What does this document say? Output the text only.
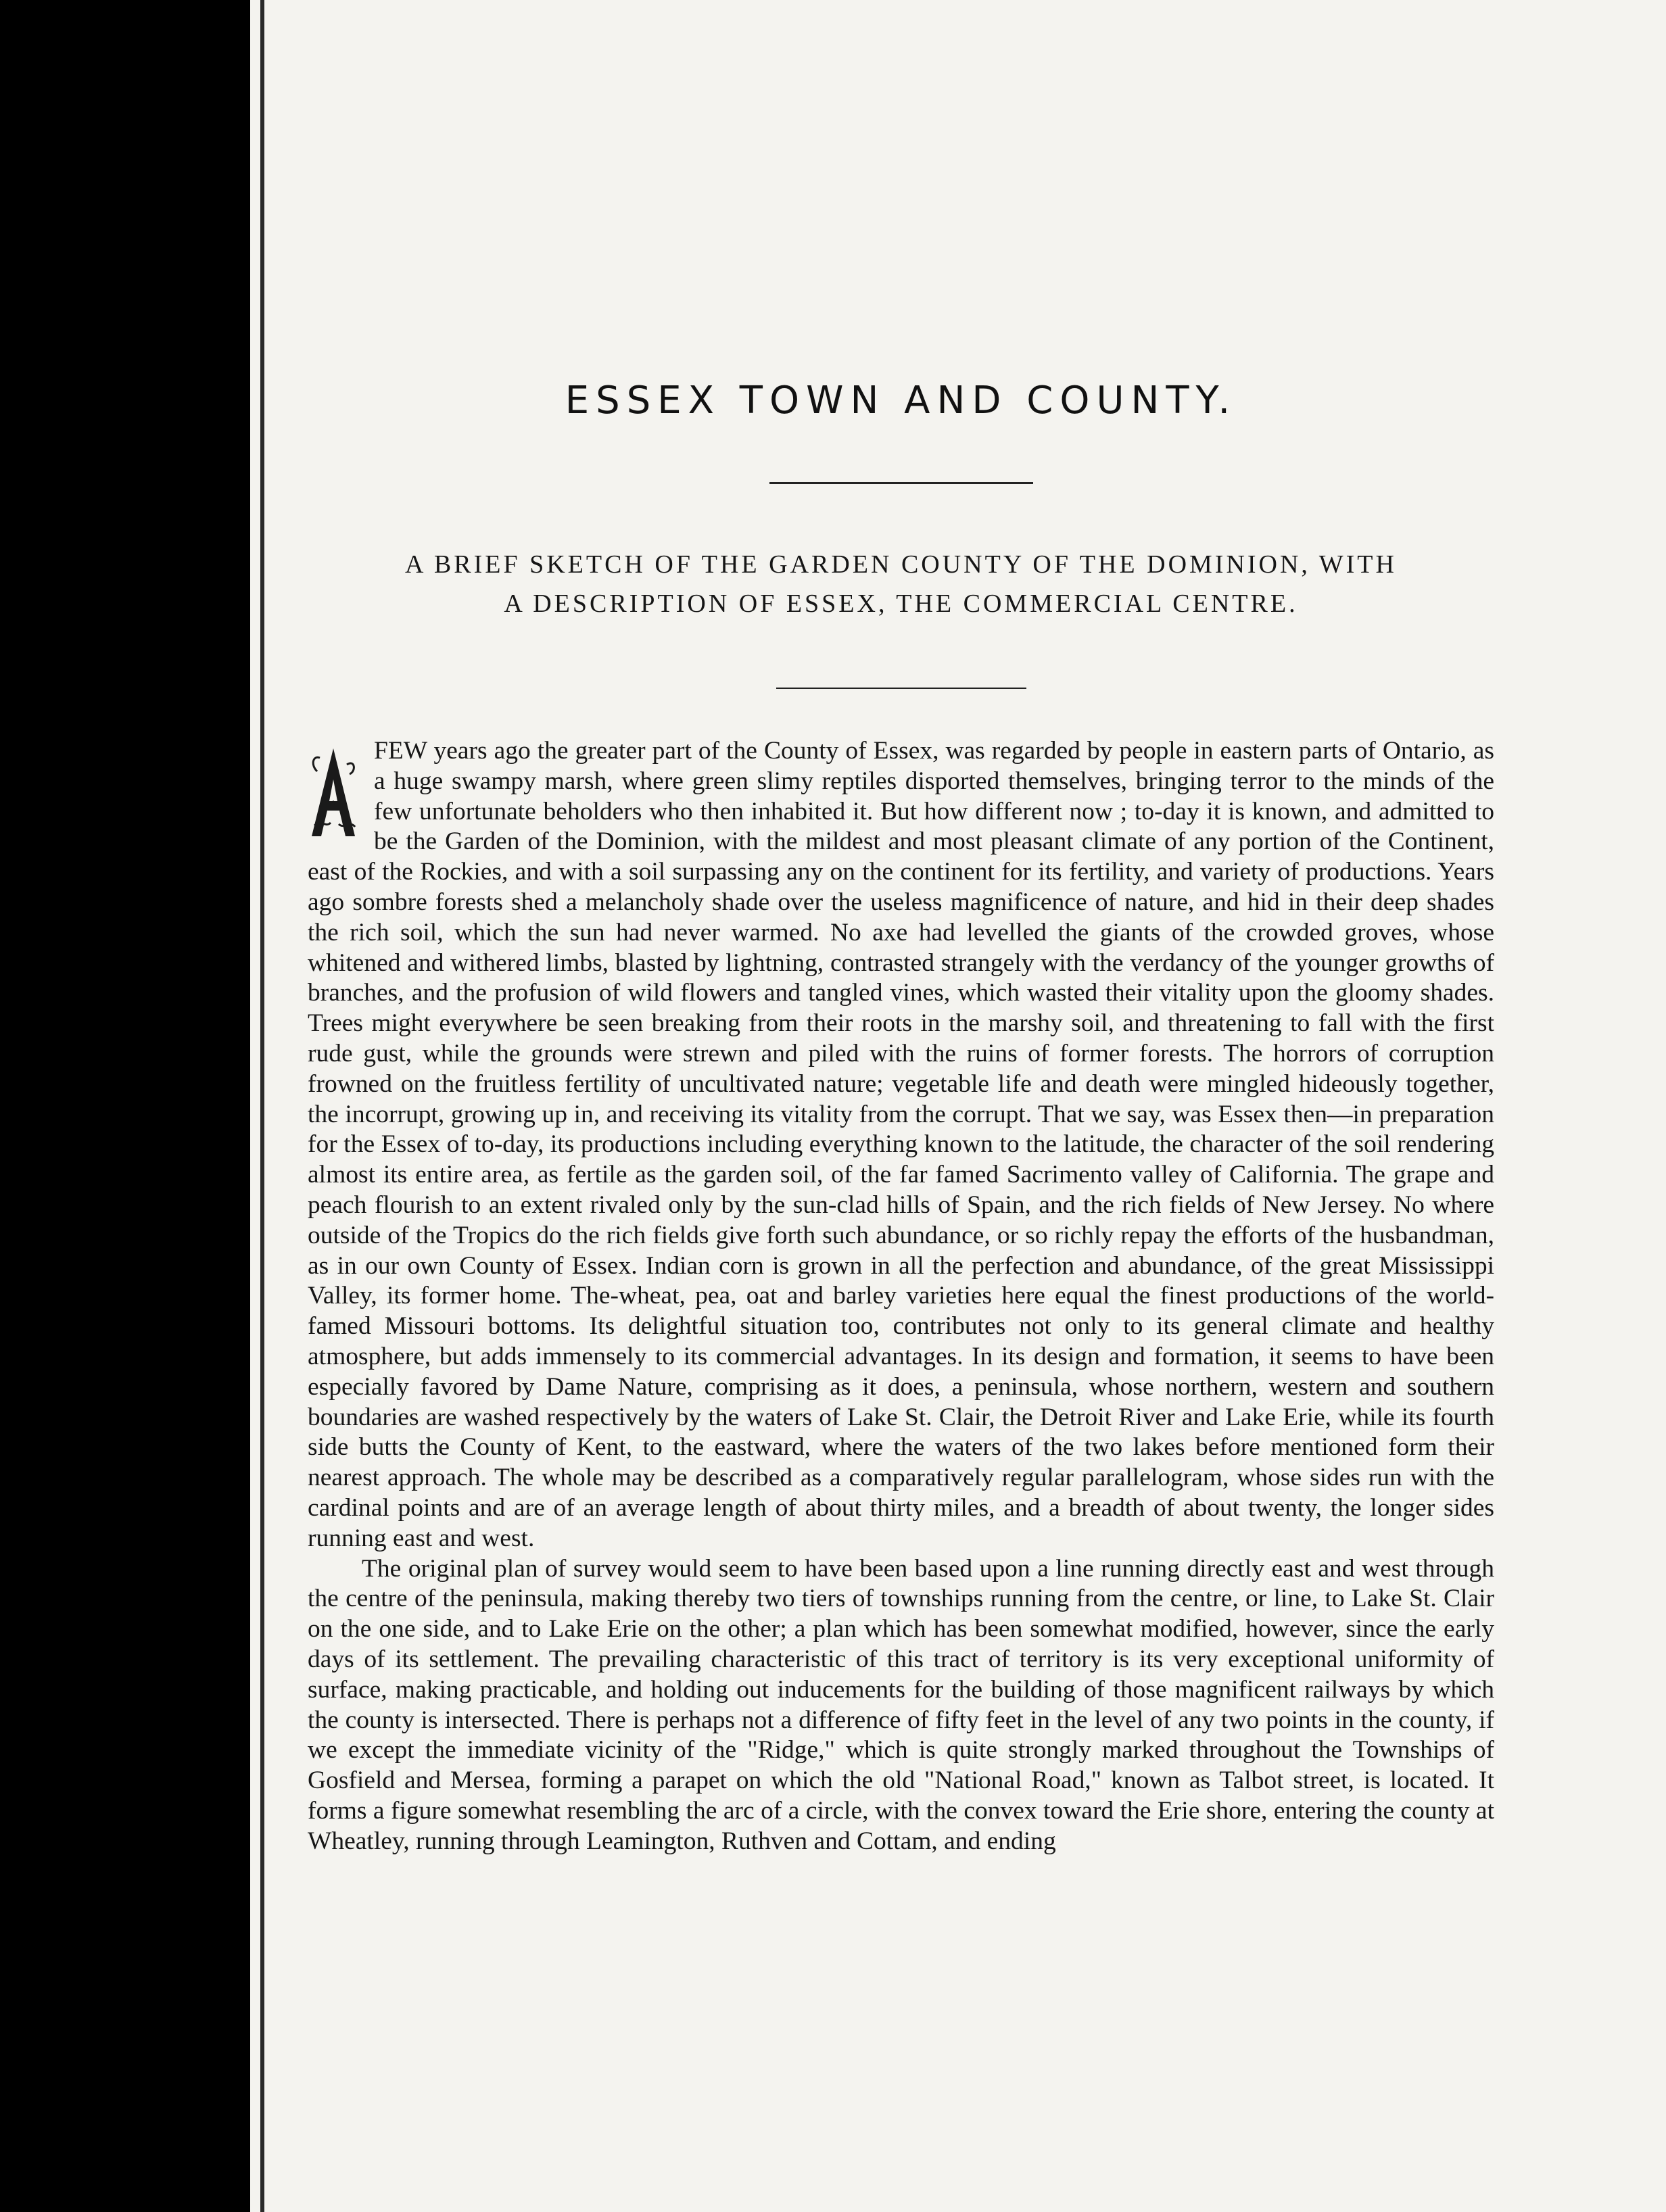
ESSEX TOWN AND COUNTY.
A BRIEF SKETCH OF THE GARDEN COUNTY OF THE DOMINION, WITH
A DESCRIPTION OF ESSEX, THE COMMERCIAL CENTRE.

A
FEW years ago the greater part of the County of Essex, was regarded by people in eastern parts of Ontario, as a huge swampy marsh, where green slimy reptiles disported themselves, bringing terror to the minds of the few unfortunate beholders who then inhabited it. But how different now ; to-day it is known, and admitted to be the Garden of the Dominion, with the mildest and most pleasant climate of any portion of the Continent, east of the Rockies, and with a soil surpassing any on the continent for its fertility, and variety of productions. Years ago sombre forests shed a melancholy shade over the useless magnificence of nature, and hid in their deep shades the rich soil, which the sun had never warmed. No axe had levelled the giants of the crowded groves, whose whitened and withered limbs, blasted by lightning, contrasted strangely with the verdancy of the younger growths of branches, and the profusion of wild flowers and tangled vines, which wasted their vitality upon the gloomy shades. Trees might everywhere be seen breaking from their roots in the marshy soil, and threatening to fall with the first rude gust, while the grounds were strewn and piled with the ruins of former forests. The horrors of corruption frowned on the fruitless fertility of uncultivated nature; vegetable life and death were mingled hideously together, the incorrupt, growing up in, and receiving its vitality from the corrupt. That we say, was Essex then—in preparation for the Essex of to-day, its productions including everything known to the latitude, the character of the soil rendering almost its entire area, as fertile as the garden soil, of the far famed Sacrimento valley of California. The grape and peach flourish to an extent rivaled only by the sun-clad hills of Spain, and the rich fields of New Jersey. No where outside of the Tropics do the rich fields give forth such abundance, or so richly repay the efforts of the husbandman, as in our own County of Essex. Indian corn is grown in all the perfection and abundance, of the great Mississippi Valley, its former home. The-wheat, pea, oat and barley varieties here equal the finest productions of the world-famed Missouri bottoms. Its delightful situation too, contributes not only to its general climate and healthy atmosphere, but adds immensely to its commercial advantages. In its design and formation, it seems to have been especially favored by Dame Nature, comprising as it does, a peninsula, whose northern, western and southern boundaries are washed respectively by the waters of Lake St. Clair, the Detroit River and Lake Erie, while its fourth side butts the County of Kent, to the eastward, where the waters of the two lakes before mentioned form their nearest approach. The whole may be described as a comparatively regular parallelogram, whose sides run with the cardinal points and are of an average length of about thirty miles, and a breadth of about twenty, the longer sides running east and west.

The original plan of survey would seem to have been based upon a line running directly east and west through the centre of the peninsula, making thereby two tiers of townships running from the centre, or line, to Lake St. Clair on the one side, and to Lake Erie on the other; a plan which has been somewhat modified, however, since the early days of its settlement. The prevailing characteristic of this tract of territory is its very exceptional uniformity of surface, making practicable, and holding out inducements for the building of those magnificent railways by which the county is intersected. There is perhaps not a difference of fifty feet in the level of any two points in the county, if we except the immediate vicinity of the "Ridge," which is quite strongly marked throughout the Townships of Gosfield and Mersea, forming a parapet on which the old "National Road," known as Talbot street, is located. It forms a figure somewhat resembling the arc of a circle, with the convex toward the Erie shore, entering the county at Wheatley, running through Leamington, Ruthven and Cottam, and ending
